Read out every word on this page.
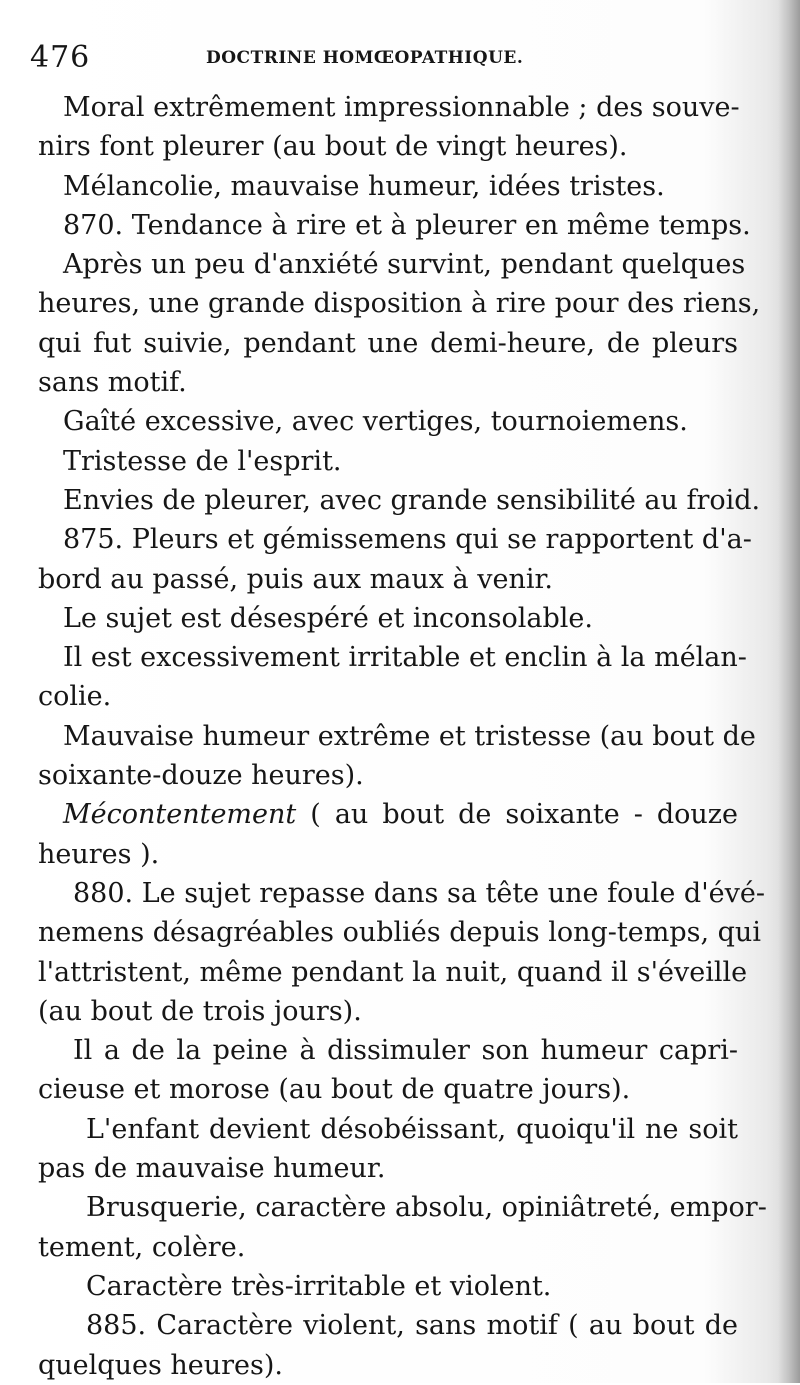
476	DOCTRINE HOMŒOPATHIQUE.
Moral extrêmement impressionnable ; des souve-
nirs font pleurer (au bout de vingt heures).
Mélancolie, mauvaise humeur, idées tristes.
870. Tendance à rire et à pleurer en même temps.
Après un peu d'anxiété survint, pendant quelques
heures, une grande disposition à rire pour des riens,
qui fut suivie, pendant une demi-heure, de pleurs
sans motif.
Gaîté excessive, avec vertiges, tournoiemens.
Tristesse de l'esprit.
Envies de pleurer, avec grande sensibilité au froid.
875. Pleurs et gémissemens qui se rapportent d'a-
bord au passé, puis aux maux à venir.
Le sujet est désespéré et inconsolable.
Il est excessivement irritable et enclin à la mélan-
colie.
Mauvaise humeur extrême et tristesse (au bout de
soixante-douze heures).
Mécontentement ( au bout de soixante - douze
heures ).
880. Le sujet repasse dans sa tête une foule d'évé-
nemens désagréables oubliés depuis long-temps, qui
l'attristent, même pendant la nuit, quand il s'éveille
(au bout de trois jours).
Il a de la peine à dissimuler son humeur capri-
cieuse et morose (au bout de quatre jours).
L'enfant devient désobéissant, quoiqu'il ne soit
pas de mauvaise humeur.
Brusquerie, caractère absolu, opiniâtreté, empor-
tement, colère.
Caractère très-irritable et violent.
885. Caractère violent, sans motif ( au bout de
quelques heures).
